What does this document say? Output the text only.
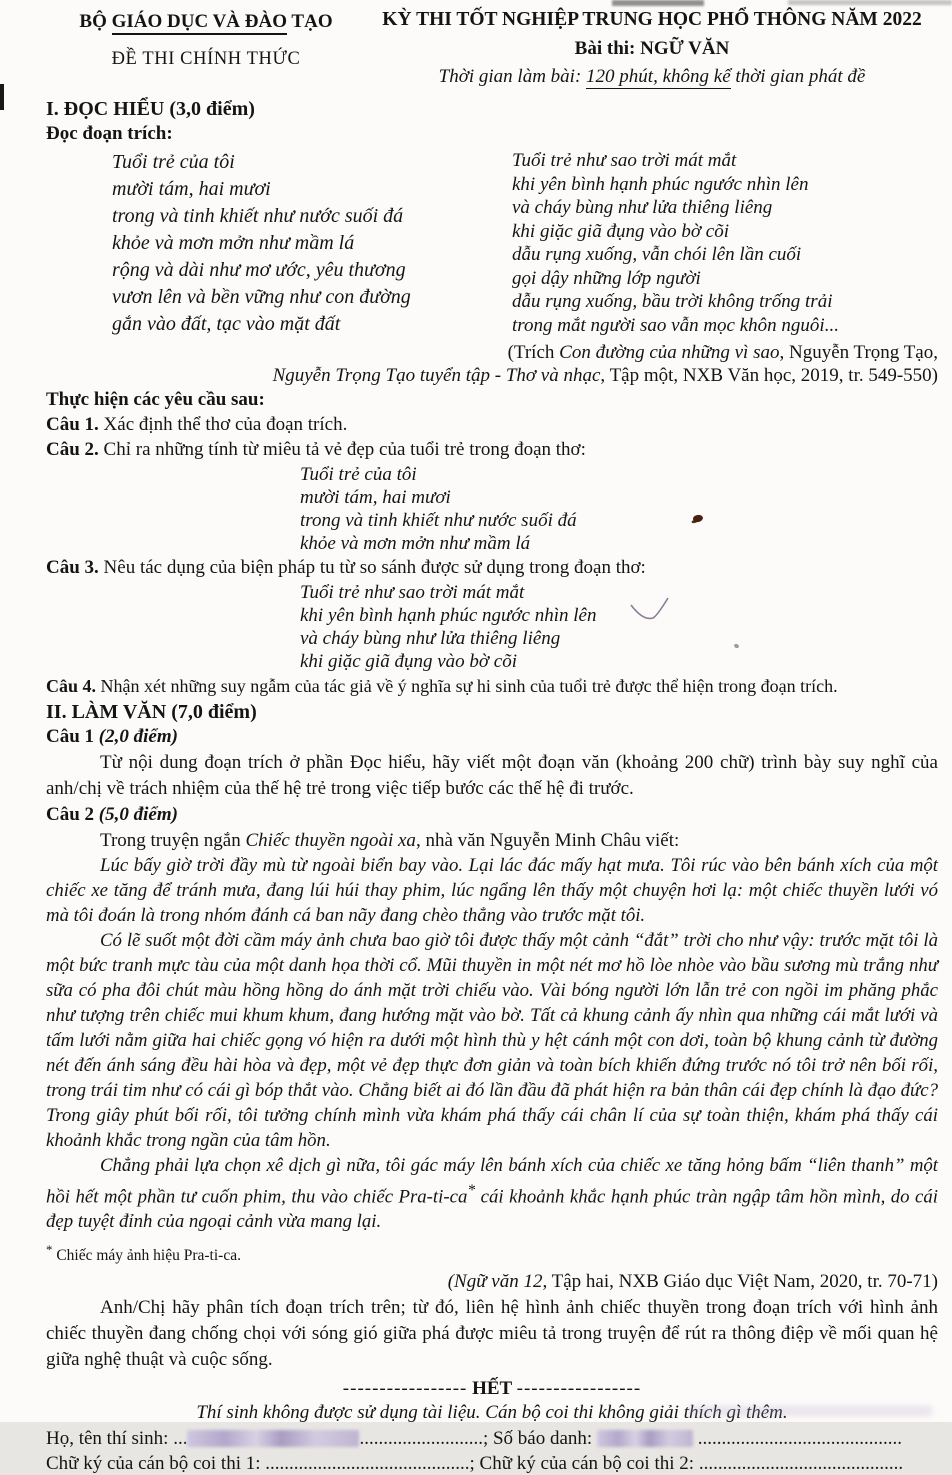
BỘ GIÁO DỤC VÀ ĐÀO TẠO
ĐỀ THI CHÍNH THỨC
KỲ THI TỐT NGHIỆP TRUNG HỌC PHỔ THÔNG NĂM 2022
Bài thi: NGỮ VĂN
Thời gian làm bài: 120 phút, không kể thời gian phát đề
I. ĐỌC HIỂU (3,0 điểm)
Đọc đoạn trích:
Tuổi trẻ của tôi
mười tám, hai mươi
trong và tinh khiết như nước suối đá
khỏe và mơn mởn như mầm lá
rộng và dài như mơ ước, yêu thương
vươn lên và bền vững như con đường
gắn vào đất, tạc vào mặt đất
Tuổi trẻ như sao trời mát mắt
khi yên bình hạnh phúc ngước nhìn lên
và cháy bùng như lửa thiêng liêng
khi giặc giã đụng vào bờ cõi
dẫu rụng xuống, vẫn chói lên lần cuối
gọi dậy những lớp người
dẫu rụng xuống, bầu trời không trống trải
trong mắt người sao vẫn mọc khôn nguôi...
(Trích Con đường của những vì sao, Nguyễn Trọng Tạo,
Nguyễn Trọng Tạo tuyển tập - Thơ và nhạc, Tập một, NXB Văn học, 2019, tr. 549-550)
Thực hiện các yêu cầu sau:
Câu 1. Xác định thể thơ của đoạn trích.
Câu 2. Chỉ ra những tính từ miêu tả vẻ đẹp của tuổi trẻ trong đoạn thơ:
Tuổi trẻ của tôi
mười tám, hai mươi
trong và tinh khiết như nước suối đá
khỏe và mơn mởn như mầm lá
Câu 3. Nêu tác dụng của biện pháp tu từ so sánh được sử dụng trong đoạn thơ:
Tuổi trẻ như sao trời mát mắt
khi yên bình hạnh phúc ngước nhìn lên
và cháy bùng như lửa thiêng liêng
khi giặc giã đụng vào bờ cõi
Câu 4. Nhận xét những suy ngẫm của tác giả về ý nghĩa sự hi sinh của tuổi trẻ được thể hiện trong đoạn trích.
II. LÀM VĂN (7,0 điểm)
Câu 1 (2,0 điểm)
Từ nội dung đoạn trích ở phần Đọc hiểu, hãy viết một đoạn văn (khoảng 200 chữ) trình bày suy nghĩ của anh/chị về trách nhiệm của thế hệ trẻ trong việc tiếp bước các thế hệ đi trước.
Câu 2 (5,0 điểm)
Trong truyện ngắn Chiếc thuyền ngoài xa, nhà văn Nguyễn Minh Châu viết:
Lúc bấy giờ trời đầy mù từ ngoài biển bay vào. Lại lác đác mấy hạt mưa. Tôi rúc vào bên bánh xích của một chiếc xe tăng để tránh mưa, đang lúi húi thay phim, lúc ngẩng lên thấy một chuyện hơi lạ: một chiếc thuyền lưới vó mà tôi đoán là trong nhóm đánh cá ban nãy đang chèo thẳng vào trước mặt tôi.
Có lẽ suốt một đời cầm máy ảnh chưa bao giờ tôi được thấy một cảnh “đắt” trời cho như vậy: trước mặt tôi là một bức tranh mực tàu của một danh họa thời cổ. Mũi thuyền in một nét mơ hồ lòe nhòe vào bầu sương mù trắng như sữa có pha đôi chút màu hồng hồng do ánh mặt trời chiếu vào. Vài bóng người lớn lẫn trẻ con ngồi im phăng phắc như tượng trên chiếc mui khum khum, đang hướng mặt vào bờ. Tất cả khung cảnh ấy nhìn qua những cái mắt lưới và tấm lưới nằm giữa hai chiếc gọng vó hiện ra dưới một hình thù y hệt cánh một con dơi, toàn bộ khung cảnh từ đường nét đến ánh sáng đều hài hòa và đẹp, một vẻ đẹp thực đơn giản và toàn bích khiến đứng trước nó tôi trở nên bối rối, trong trái tim như có cái gì bóp thắt vào. Chẳng biết ai đó lần đầu đã phát hiện ra bản thân cái đẹp chính là đạo đức? Trong giây phút bối rối, tôi tưởng chính mình vừa khám phá thấy cái chân lí của sự toàn thiện, khám phá thấy cái khoảnh khắc trong ngần của tâm hồn.
Chẳng phải lựa chọn xê dịch gì nữa, tôi gác máy lên bánh xích của chiếc xe tăng hỏng bấm “liên thanh” một hồi hết một phần tư cuốn phim, thu vào chiếc Pra-ti-ca* cái khoảnh khắc hạnh phúc tràn ngập tâm hồn mình, do cái đẹp tuyệt đỉnh của ngoại cảnh vừa mang lại.
* Chiếc máy ảnh hiệu Pra-ti-ca.
(Ngữ văn 12, Tập hai, NXB Giáo dục Việt Nam, 2020, tr. 70-71)
Anh/Chị hãy phân tích đoạn trích trên; từ đó, liên hệ hình ảnh chiếc thuyền trong đoạn trích với hình ảnh chiếc thuyền đang chống chọi với sóng gió giữa phá được miêu tả trong truyện để rút ra thông điệp về mối quan hệ giữa nghệ thuật và cuộc sống.
----------------- HẾT -----------------
Thí sinh không được sử dụng tài liệu. Cán bộ coi thi không giải thích gì thêm.
Họ, tên thí sinh: ...	..........................; Số báo danh:	...........................................
Chữ ký của cán bộ coi thi 1: ...........................................; Chữ ký của cán bộ coi thi 2: ...........................................
